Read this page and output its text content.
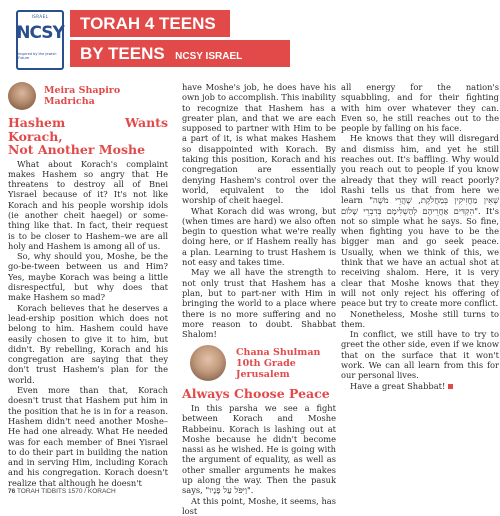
ISRAEL
NCSY
Inspired by the Jewish Future
TORAH 4 TEENS
BY TEENS NCSY ISRAEL
Meira Shapiro
Madricha
Hashem Wants Korach,
Not Another Moshe

What about Korach's complaint makes Hashem so angry that He threatens to destroy all of Bnei Yisrael because of it? It's not like Korach and his people worship idols (ie another cheit haegel) or some-thing like that. In fact, their request is to be closer to Hashem–we are all holy and Hashem is among all of us.

So, why should you, Moshe, be the go-be-tween between us and Him? Yes, maybe Korach was being a little disrespectful, but why does that make Hashem so mad?

Korach believes that he deserves a lead-ership position which does not belong to him. Hashem could have easily chosen to give it to him, but didn't. By rebelling, Korach and his congregation are saying that they don't trust Hashem's plan for the world.

Even more than that, Korach doesn't trust that Hashem put him in the position that he is in for a reason. Hashem didn't need another Moshe–He had one already. What He needed was for each member of Bnei Yisrael to do their part in building the nation and in serving Him, including Korach and his congregation. Korach doesn't realize that although he doesn't

have Moshe's job, he does have his own job to accomplish. This inability to recognize that Hashem has a greater plan, and that we are each supposed to partner with Him to be a part of it, is what makes Hashem so disappointed with Korach. By taking this position, Korach and his congregation are essentially denying Hashem's control over the world, equivalent to the idol worship of cheit haegel.

What Korach did was wrong, but (when times are hard) we also often begin to question what we're really doing here, or if Hashem really has a plan. Learning to trust Hashem is not easy and takes time.

May we all have the strength to not only trust that Hashem has a plan, but to part-ner with Him in bringing the world to a place where there is no more suffering and no more reason to doubt. Shabbat Shalom!

Chana Shulman
10th Grade
Jerusalem
Always Choose Peace

In this parsha we see a fight between Korach and Moshe Rabbeinu. Korach is lashing out at Moshe because he didn't become nassi as he wished. He is going with the argument of equality, as well as other smaller arguments he makes up along the way. Then the pasuk says, "וַיִּפֹּל עַל פָּנָיו".

At this point, Moshe, it seems, has lost

all energy for the nation's squabbling, and for their fighting with him over whatever they can. Even so, he still reaches out to the people by falling on his face.

He knows that they will disregard and dismiss him, and yet he still reaches out. It's baffling. Why would you reach out to people if you know already that they will react poorly? Rashi tells us that from here we learn "שֶׁאֵין מַחֲזִיקִין בְּמַחֲלֹקֶת, שֶׁהֲרֵי מֹשֶׁה הִקְדִּים אַחֲרֵיהֶם לְהַשְׁלִימָם בְּדִבְרֵי שָׁלוֹם". It's not so simple what he says. So fine, when fighting you have to be the bigger man and go seek peace. Usually, when we think of this, we think that we have an actual shot at receiving shalom. Here, it is very clear that Moshe knows that they will not only reject his offering of peace but try to create more conflict.

Nonetheless, Moshe still turns to them.

In conflict, we still have to try to greet the other side, even if we know that on the surface that it won't work. We can all learn from this for our personal lives.

Have a great Shabbat!

76 TORAH TIDBITS 1570 / KORACH
